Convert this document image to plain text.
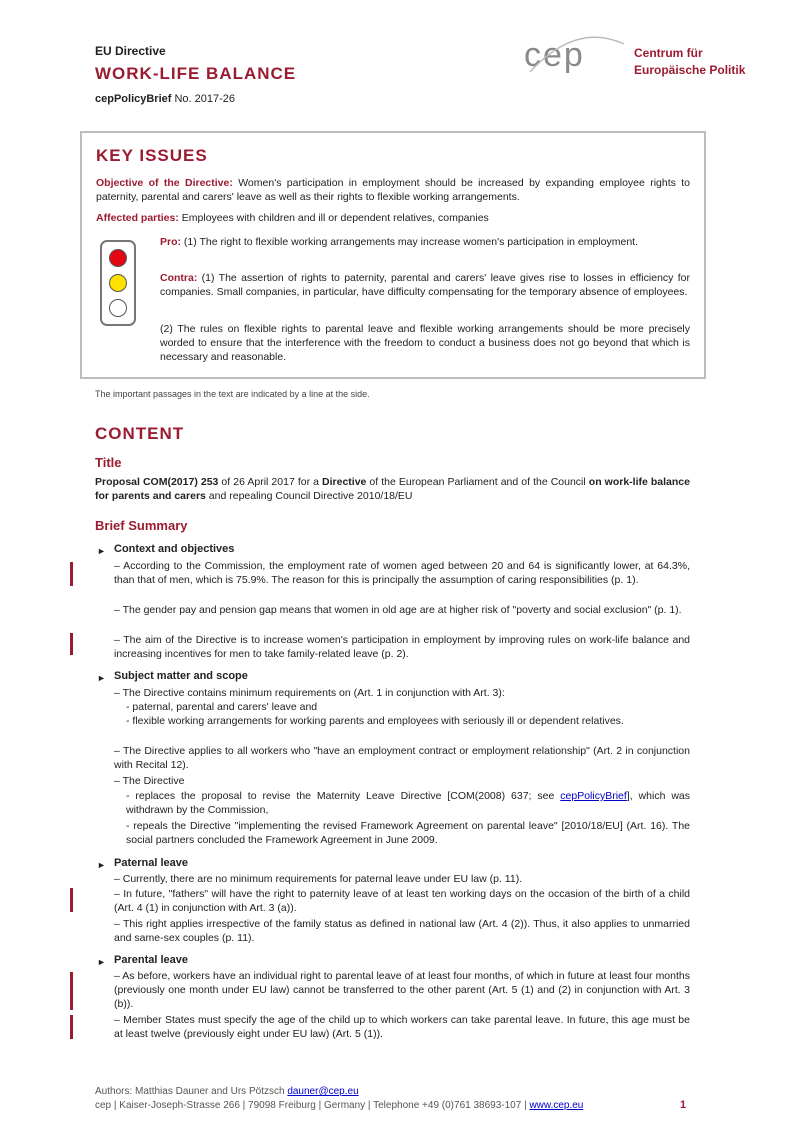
EU Directive
WORK-LIFE BALANCE
cepPolicyBrief No. 2017-26
cep	Centrum für
Europäische Politik
KEY ISSUES
Objective of the Directive: Women's participation in employment should be increased by expanding employee rights to paternity, parental and carers' leave as well as their rights to flexible working arrangements.
Affected parties: Employees with children and ill or dependent relatives, companies
Pro: (1) The right to flexible working arrangements may increase women's participation in employment.
Contra: (1) The assertion of rights to paternity, parental and carers' leave gives rise to losses in efficiency for companies. Small companies, in particular, have difficulty compensating for the temporary absence of employees.
(2) The rules on flexible rights to parental leave and flexible working arrangements should be more precisely worded to ensure that the interference with the freedom to conduct a business does not go beyond that which is necessary and reasonable.
The important passages in the text are indicated by a line at the side.
CONTENT
Title
Proposal COM(2017) 253 of 26 April 2017 for a Directive of the European Parliament and of the Council on work-life balance for parents and carers and repealing Council Directive 2010/18/EU
Brief Summary
► Context and objectives
– According to the Commission, the employment rate of women aged between 20 and 64 is significantly lower, at 64.3%, than that of men, which is 75.9%. The reason for this is principally the assumption of caring responsibilities (p. 1).
– The gender pay and pension gap means that women in old age are at higher risk of "poverty and social exclusion" (p. 1).
– The aim of the Directive is to increase women's participation in employment by improving rules on work-life balance and increasing incentives for men to take family-related leave (p. 2).
► Subject matter and scope
– The Directive contains minimum requirements on (Art. 1 in conjunction with Art. 3):
- paternal, parental and carers' leave and
- flexible working arrangements for working parents and employees with seriously ill or dependent relatives.
– The Directive applies to all workers who "have an employment contract or employment relationship" (Art. 2 in conjunction with Recital 12).
– The Directive
- replaces the proposal to revise the Maternity Leave Directive [COM(2008) 637; see cepPolicyBrief], which was withdrawn by the Commission,
- repeals the Directive "implementing the revised Framework Agreement on parental leave" [2010/18/EU] (Art. 16). The social partners concluded the Framework Agreement in June 2009.
► Paternal leave
– Currently, there are no minimum requirements for paternal leave under EU law (p. 11).
– In future, "fathers" will have the right to paternity leave of at least ten working days on the occasion of the birth of a child (Art. 4 (1) in conjunction with Art. 3 (a)).
– This right applies irrespective of the family status as defined in national law (Art. 4 (2)). Thus, it also applies to unmarried and same-sex couples (p. 11).
► Parental leave
– As before, workers have an individual right to parental leave of at least four months, of which in future at least four months (previously one month under EU law) cannot be transferred to the other parent (Art. 5 (1) and (2) in conjunction with Art. 3 (b)).
– Member States must specify the age of the child up to which workers can take parental leave. In future, this age must be at least twelve (previously eight under EU law) (Art. 5 (1)).
Authors: Matthias Dauner and Urs Pötzsch dauner@cep.eu
cep | Kaiser-Joseph-Strasse 266 | 79098 Freiburg | Germany | Telephone +49 (0)761 38693-107 | www.cep.eu	1
